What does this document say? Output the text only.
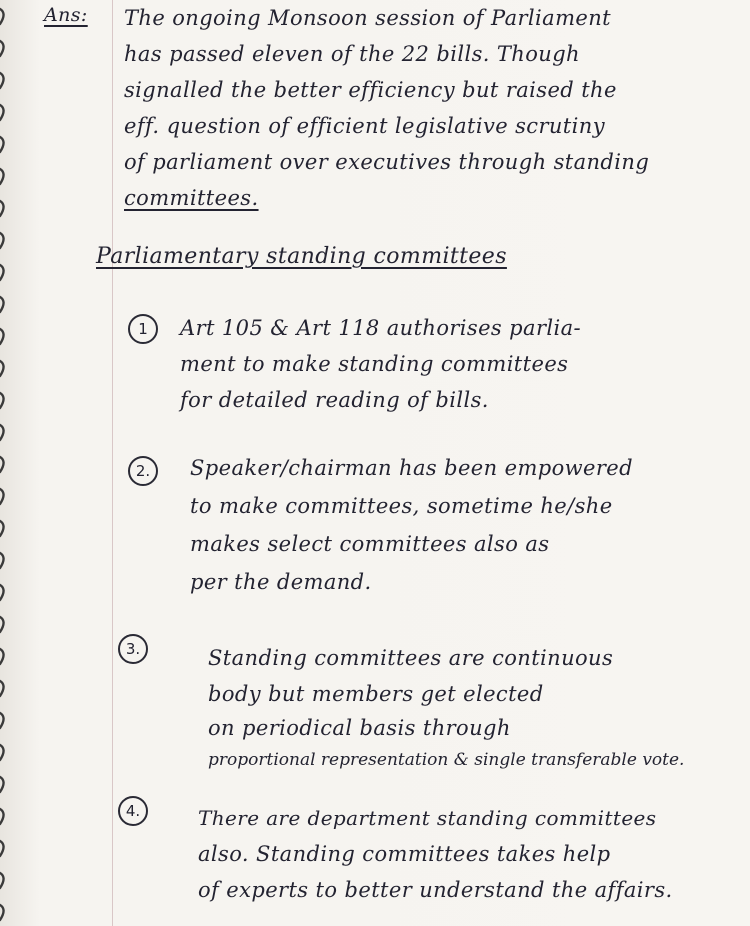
Ans: The ongoing Monsoon session of Parliament

has passed eleven of the 22 bills. Though

signalled the better efficiency but raised the

eff. question of efficient legislative scrutiny

of parliament over executives through standing

committees.

Parliamentary standing committees

1	Art 105 & Art 118 authorises parlia-

ment to make standing committees

for detailed reading of bills.

2.	Speaker/chairman has been empowered

to make committees, sometime he/she

makes select committees also as

per the demand.

3.	Standing committees are continuous

body but members get elected

on periodical basis through

proportional representation & single transferable vote.

4.	There are department standing committees

also. Standing committees takes help

of experts to better understand the affairs.
